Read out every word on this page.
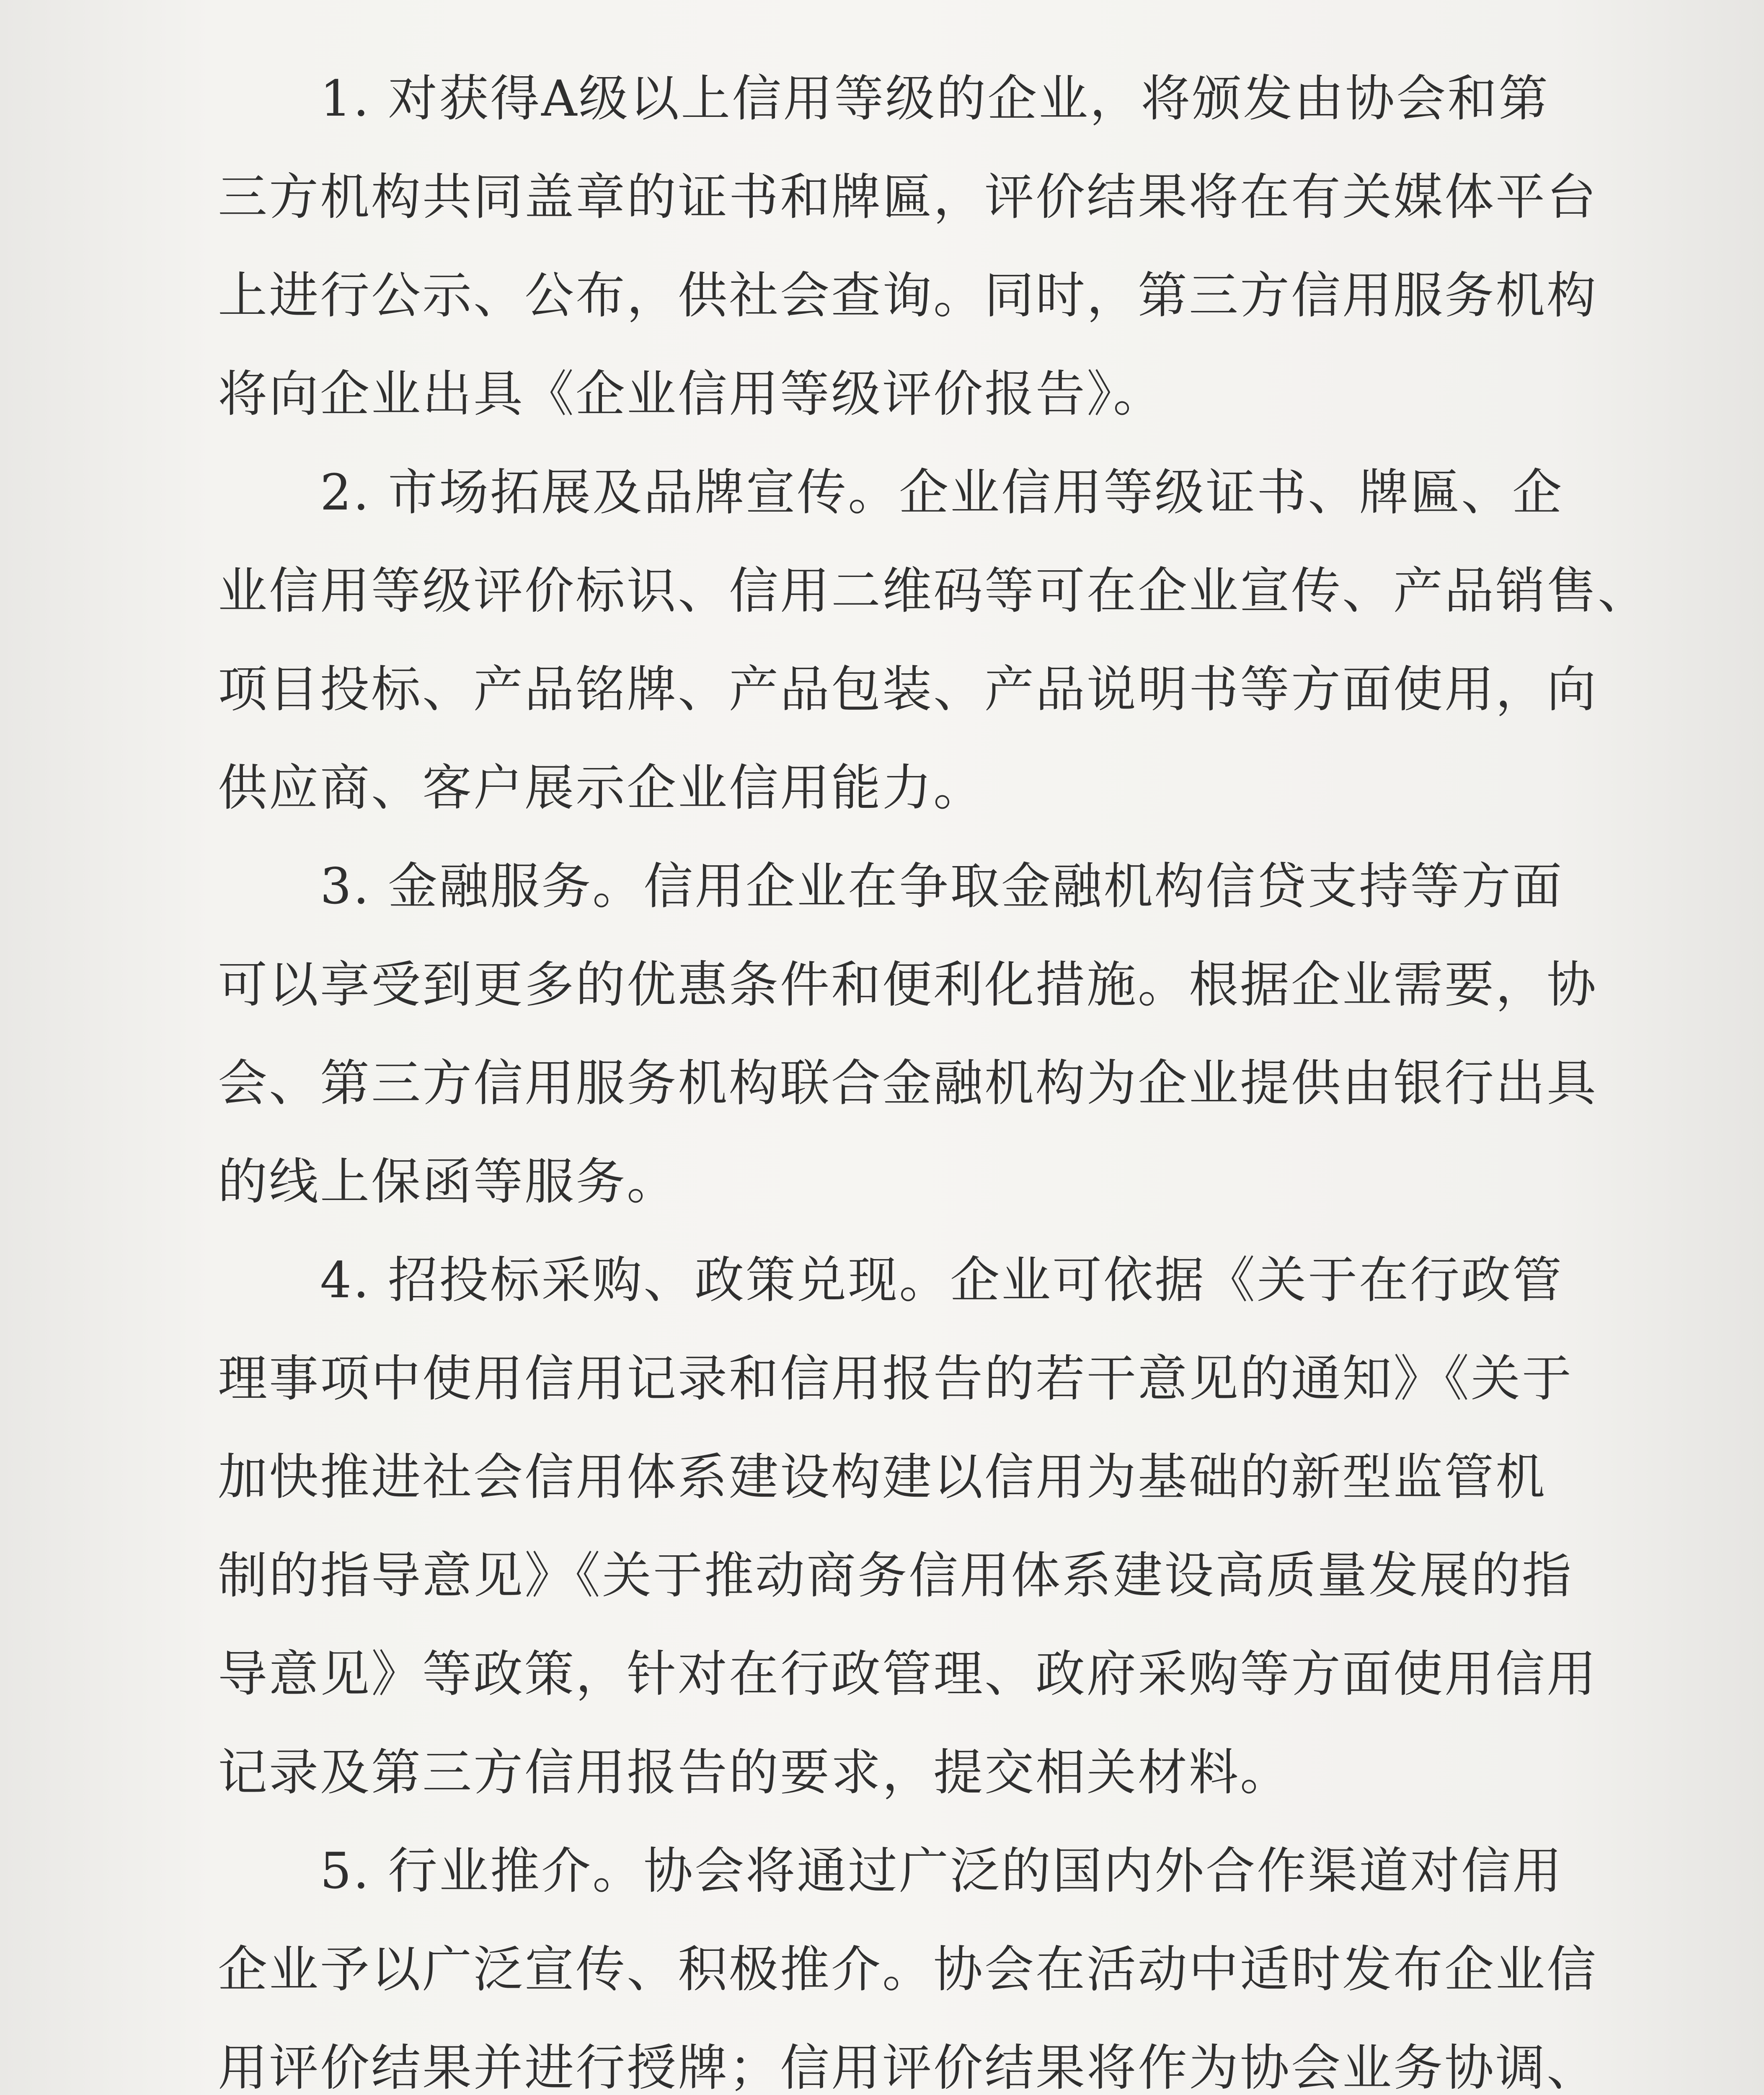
　　1. 对获得A级以上信用等级的企业，将颁发由协会和第
三方机构共同盖章的证书和牌匾，评价结果将在有关媒体平台
上进行公示、公布，供社会查询。同时，第三方信用服务机构
将向企业出具《企业信用等级评价报告》。
　　2. 市场拓展及品牌宣传。企业信用等级证书、牌匾、企
业信用等级评价标识、信用二维码等可在企业宣传、产品销售、
项目投标、产品铭牌、产品包装、产品说明书等方面使用，向
供应商、客户展示企业信用能力。
　　3. 金融服务。信用企业在争取金融机构信贷支持等方面
可以享受到更多的优惠条件和便利化措施。根据企业需要，协
会、第三方信用服务机构联合金融机构为企业提供由银行出具
的线上保函等服务。
　　4. 招投标采购、政策兑现。企业可依据《关于在行政管
理事项中使用信用记录和信用报告的若干意见的通知》《关于
加快推进社会信用体系建设构建以信用为基础的新型监管机
制的指导意见》《关于推动商务信用体系建设高质量发展的指
导意见》等政策，针对在行政管理、政府采购等方面使用信用
记录及第三方信用报告的要求，提交相关材料。
　　5. 行业推介。协会将通过广泛的国内外合作渠道对信用
企业予以广泛宣传、积极推介。协会在活动中适时发布企业信
用评价结果并进行授牌；信用评价结果将作为协会业务协调、
